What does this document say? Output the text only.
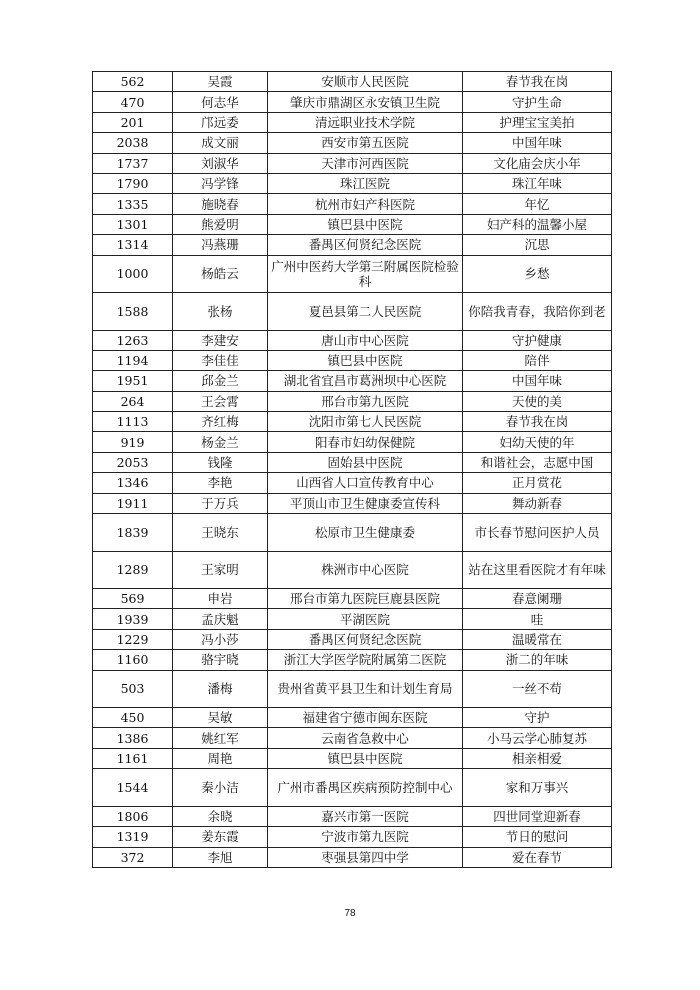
562	吴霞	安顺市人民医院	春节我在岗
470	何志华	肇庆市鼎湖区永安镇卫生院	守护生命
201	邝远委	清远职业技术学院	护理宝宝美拍
2038	成文丽	西安市第五医院	中国年味
1737	刘淑华	天津市河西医院	文化庙会庆小年
1790	冯学锋	珠江医院	珠江年味
1335	施晓春	杭州市妇产科医院	年忆
1301	熊爱明	镇巴县中医院	妇产科的温馨小屋
1314	冯燕珊	番禺区何贤纪念医院	沉思
1000	杨皓云	广州中医药大学第三附属医院检验科	乡愁
1588	张杨	夏邑县第二人民医院	你陪我青春，我陪你到老
1263	李建安	唐山市中心医院	守护健康
1194	李佳佳	镇巴县中医院	陪伴
1951	邱金兰	湖北省宜昌市葛洲坝中心医院	中国年味
264	王会霄	邢台市第九医院	天使的美
1113	齐红梅	沈阳市第七人民医院	春节我在岗
919	杨金兰	阳春市妇幼保健院	妇幼天使的年
2053	钱隆	固始县中医院	和谐社会，志愿中国
1346	李艳	山西省人口宣传教育中心	正月赏花
1911	于万兵	平顶山市卫生健康委宣传科	舞动新春
1839	王晓东	松原市卫生健康委	市长春节慰问医护人员
1289	王家明	株洲市中心医院	站在这里看医院才有年味
569	申岩	邢台市第九医院巨鹿县医院	春意阑珊
1939	孟庆魁	平湖医院	哇
1229	冯小莎	番禺区何贤纪念医院	温暖常在
1160	骆宇晓	浙江大学医学院附属第二医院	浙二的年味
503	潘梅	贵州省黄平县卫生和计划生育局	一丝不苟
450	吴敏	福建省宁德市闽东医院	守护
1386	姚红军	云南省急救中心	小马云学心肺复苏
1161	周艳	镇巴县中医院	相亲相爱
1544	秦小洁	广州市番禺区疾病预防控制中心	家和万事兴
1806	余晓	嘉兴市第一医院	四世同堂迎新春
1319	姜东霞	宁波市第九医院	节日的慰问
372	李旭	枣强县第四中学	爱在春节
78
